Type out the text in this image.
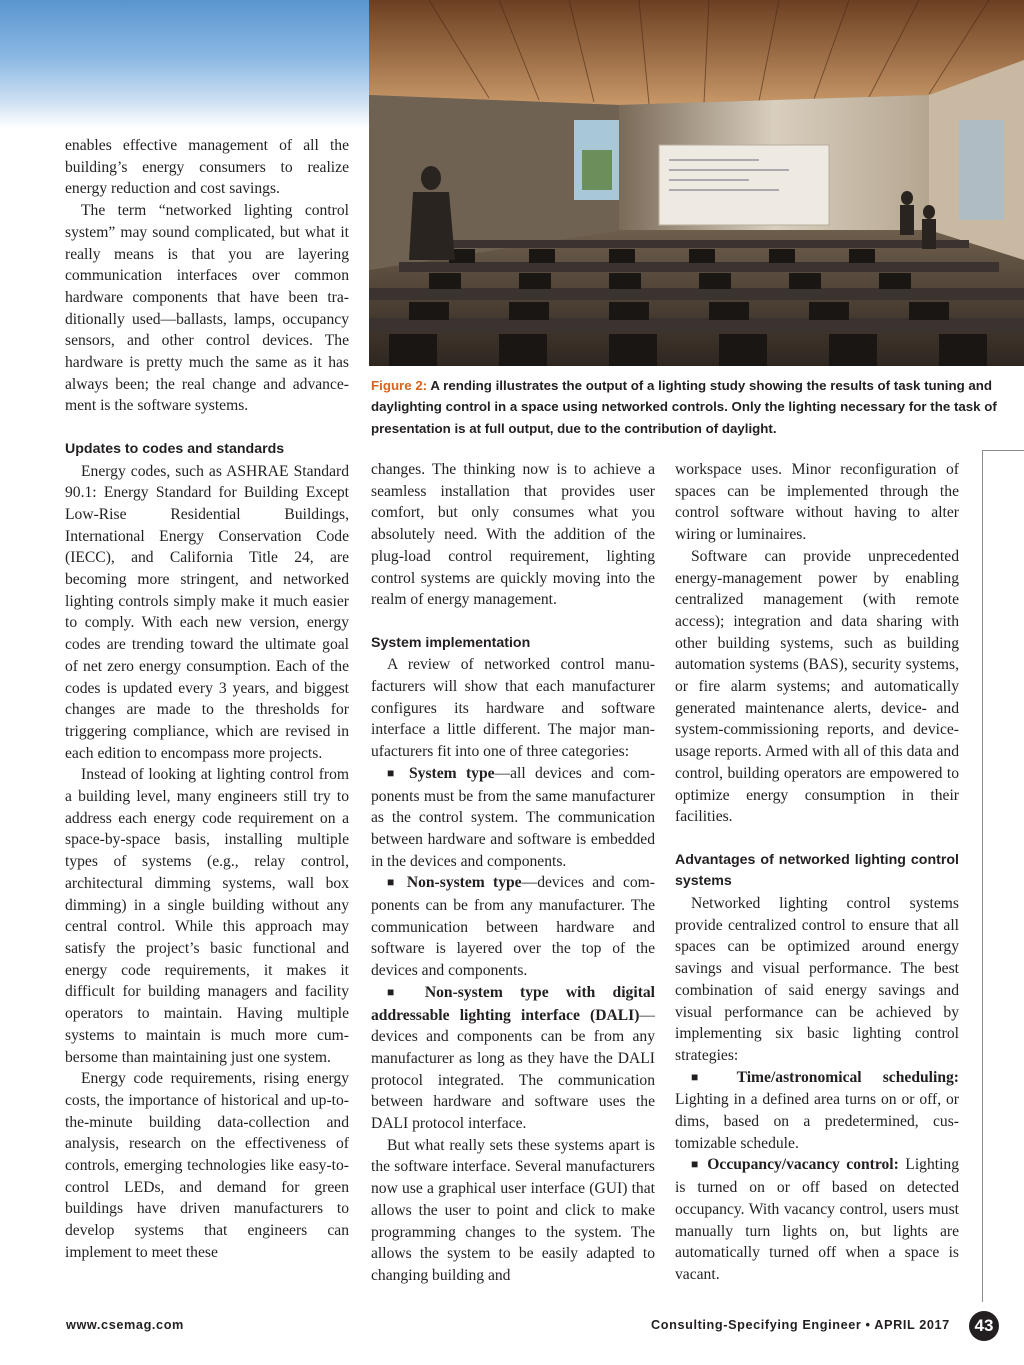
Figure 2: A rending illustrates the output of a lighting study showing the results of task tuning and daylighting control in a space using networked controls. Only the lighting necessary for the task of presentation is at full output, due to the contribution of daylight.

enables effective management of all the building’s energy consumers to realize energy reduction and cost savings.

The term “networked lighting control system” may sound complicated, but what it really means is that you are layering communication interfaces over common hardware components that have been traditionally used—ballasts, lamps, occupancy sensors, and other control devices. The hardware is pretty much the same as it has always been; the real change and advancement is the software systems.

Updates to codes and standards

Energy codes, such as ASHRAE Standard 90.1: Energy Standard for Building Except Low-Rise Residential Buildings, International Energy Conservation Code (IECC), and California Title 24, are becoming more stringent, and networked lighting controls simply make it much easier to comply. With each new version, energy codes are trending toward the ultimate goal of net zero energy consumption. Each of the codes is updated every 3 years, and biggest changes are made to the thresholds for triggering compliance, which are revised in each edition to encompass more projects.

Instead of looking at lighting control from a building level, many engineers still try to address each energy code requirement on a space-by-space basis, installing multiple types of systems (e.g., relay control, architectural dimming systems, wall box dimming) in a single building without any central control. While this approach may satisfy the project’s basic functional and energy code requirements, it makes it difficult for building managers and facility operators to maintain. Having multiple systems to maintain is much more cumbersome than maintaining just one system.

Energy code requirements, rising energy costs, the importance of historical and up-to-the-minute building data-collection and analysis, research on the effectiveness of controls, emerging technologies like easy-to-control LEDs, and demand for green buildings have driven manufacturers to develop systems that engineers can implement to meet these

changes. The thinking now is to achieve a seamless installation that provides user comfort, but only consumes what you absolutely need. With the addition of the plug-load control requirement, lighting control systems are quickly moving into the realm of energy management.

System implementation

A review of networked control manufacturers will show that each manufacturer configures its hardware and software interface a little different. The major manufacturers fit into one of three categories:

■ System type—all devices and components must be from the same manufacturer as the control system. The communication between hardware and software is embedded in the devices and components.

■ Non-system type—devices and components can be from any manufacturer. The communication between hardware and software is layered over the top of the devices and components.

■ Non-system type with digital addressable lighting interface (DALI)—devices and components can be from any manufacturer as long as they have the DALI protocol integrated. The communication between hardware and software uses the DALI protocol interface.

But what really sets these systems apart is the software interface. Several manufacturers now use a graphical user interface (GUI) that allows the user to point and click to make programming changes to the system. The allows the system to be easily adapted to changing building and

workspace uses. Minor reconfiguration of spaces can be implemented through the control software without having to alter wiring or luminaires.

Software can provide unprecedented energy-management power by enabling centralized management (with remote access); integration and data sharing with other building systems, such as building automation systems (BAS), security systems, or fire alarm systems; and automatically generated maintenance alerts, device- and system-commissioning reports, and device-usage reports. Armed with all of this data and control, building operators are empowered to optimize energy consumption in their facilities.

Advantages of networked lighting control systems

Networked lighting control systems provide centralized control to ensure that all spaces can be optimized around energy savings and visual performance. The best combination of said energy savings and visual performance can be achieved by implementing six basic lighting control strategies:

■ Time/astronomical scheduling: Lighting in a defined area turns on or off, or dims, based on a predetermined, customizable schedule.

■ Occupancy/vacancy control: Lighting is turned on or off based on detected occupancy. With vacancy control, users must manually turn lights on, but lights are automatically turned off when a space is vacant.

www.csemag.com	Consulting-Specifying Engineer • APRIL 2017	43
